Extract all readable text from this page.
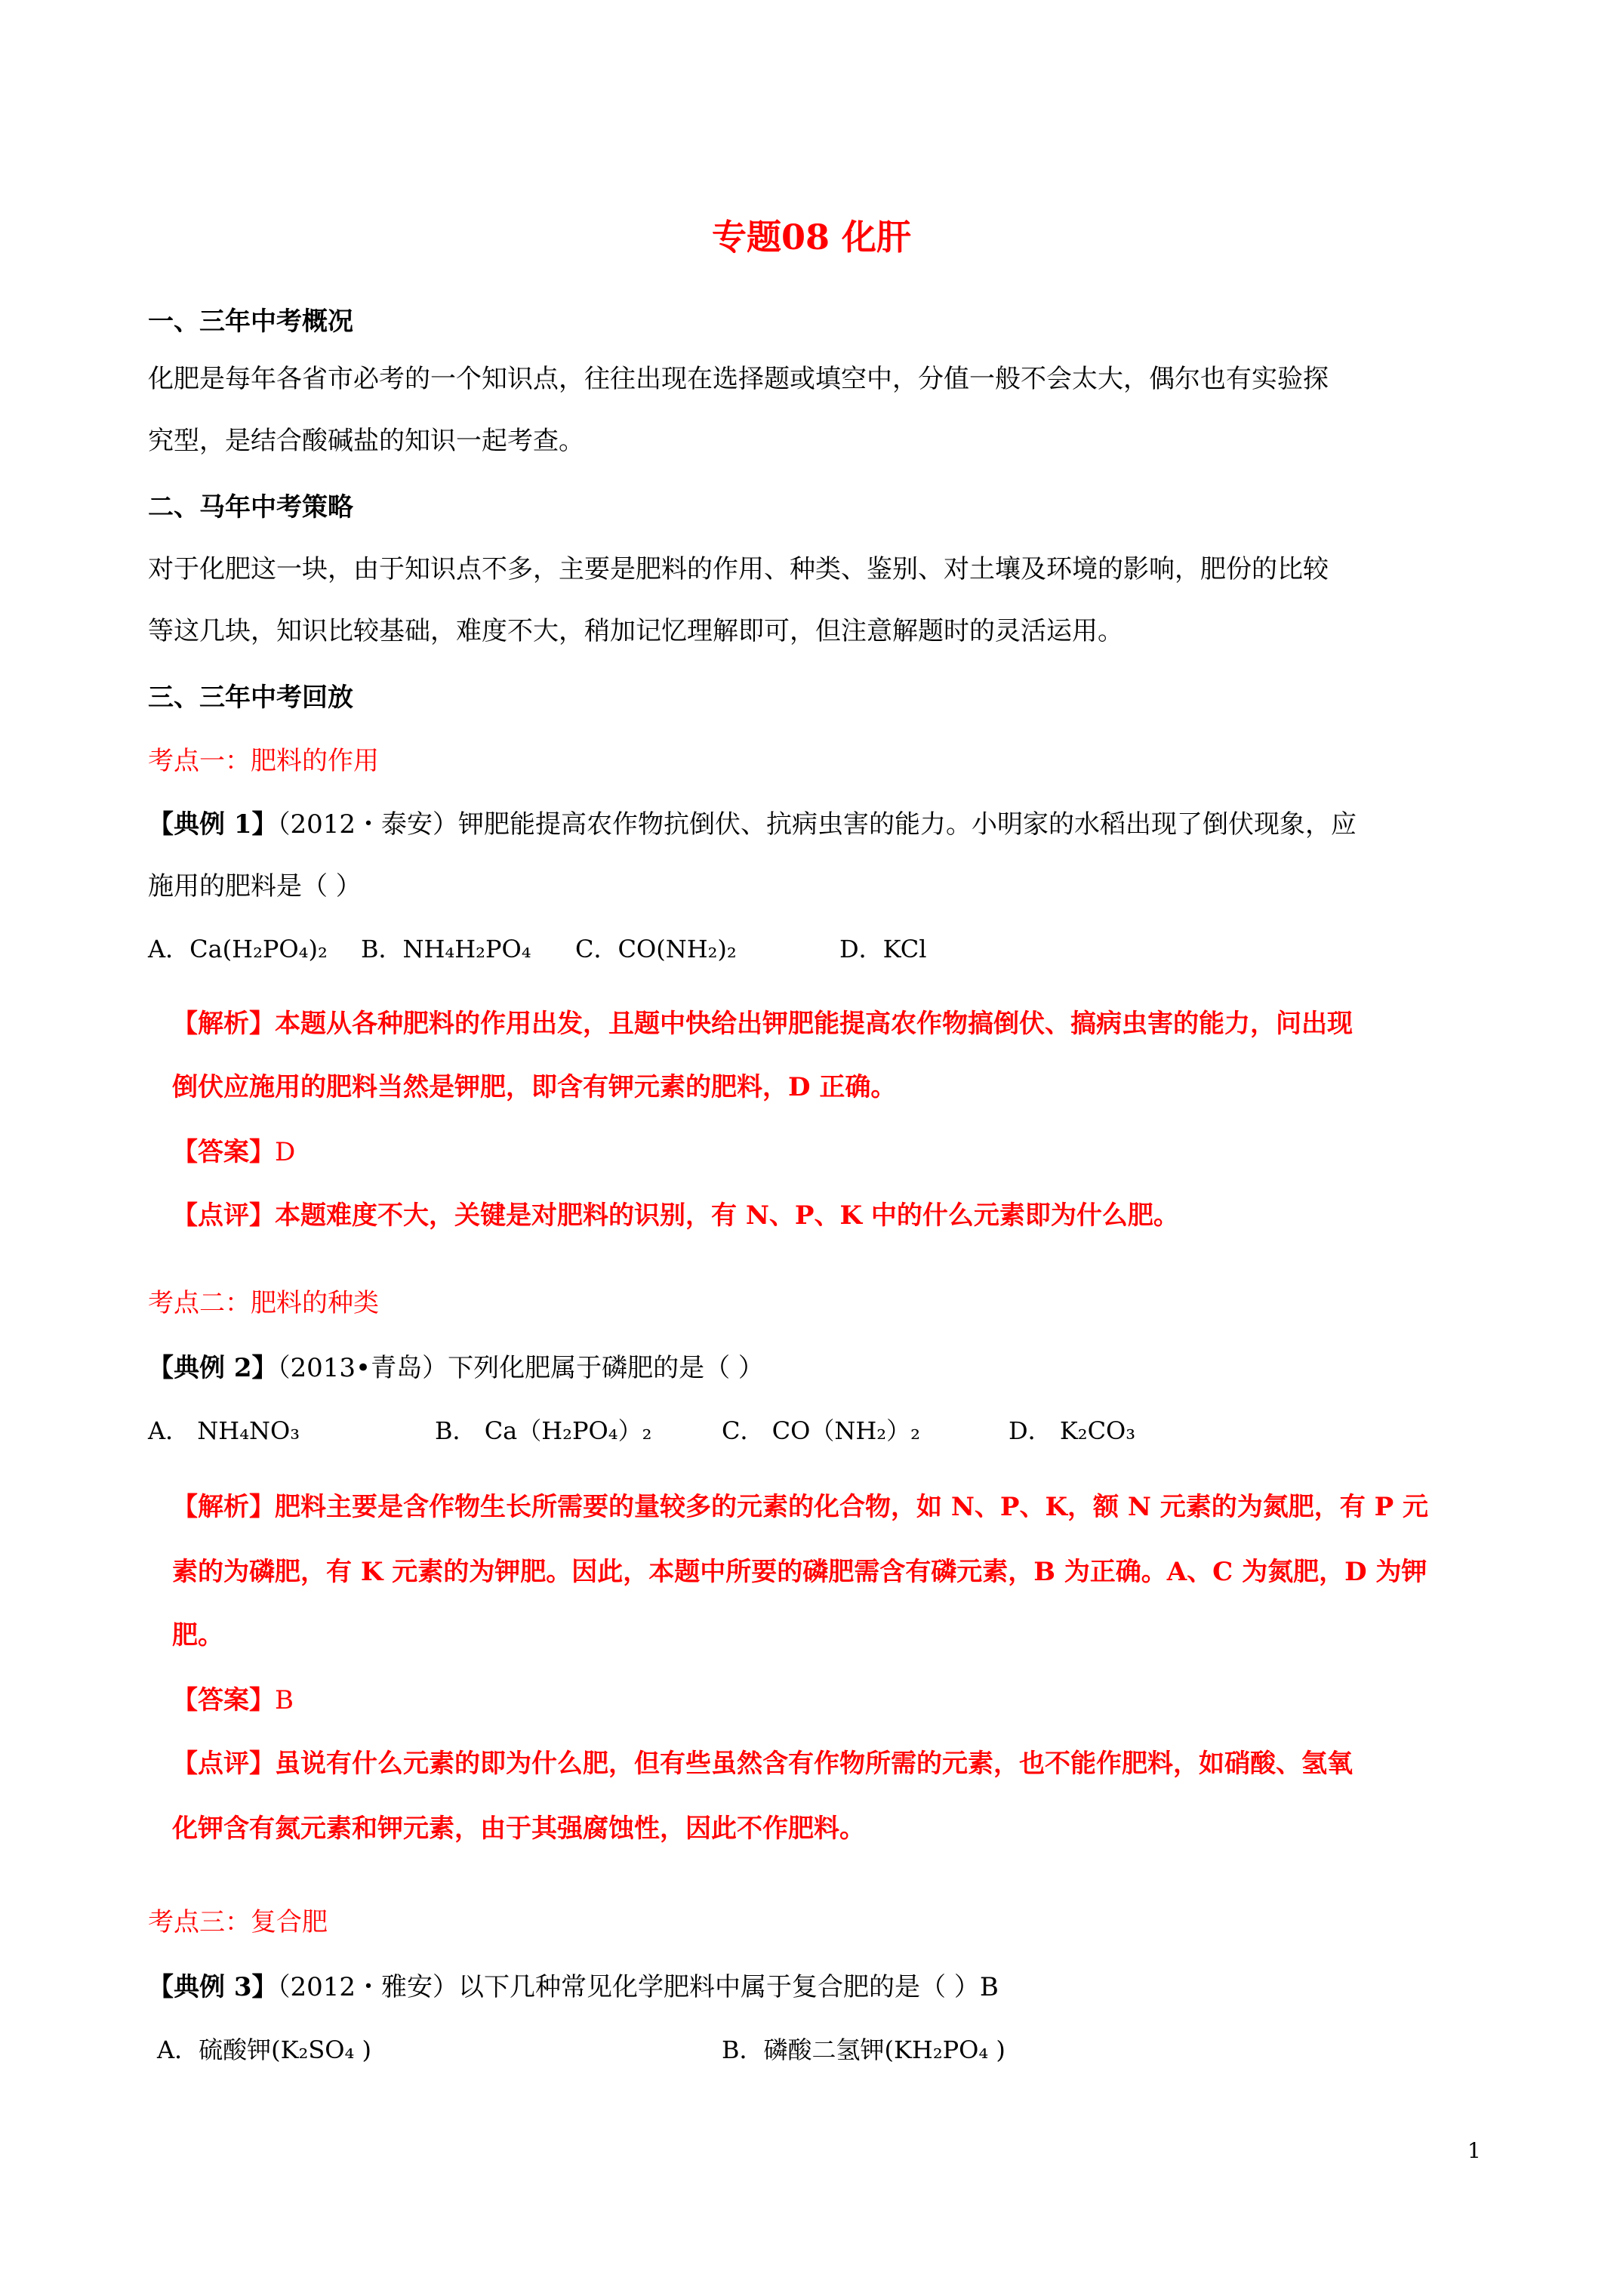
专题08 化肝

一、三年中考概况

化肥是每年各省市必考的一个知识点，往往出现在选择题或填空中，分值一般不会太大，偶尔也有实验探

究型，是结合酸碱盐的知识一起考查。

二、马年中考策略

对于化肥这一块，由于知识点不多，主要是肥料的作用、种类、鉴别、对土壤及环境的影响，肥份的比较

等这几块，知识比较基础，难度不大，稍加记忆理解即可，但注意解题时的灵活运用。

三、三年中考回放

考点一：肥料的作用

【典例 1】（2012・泰安）钾肥能提高农作物抗倒伏、抗病虫害的能力。小明家的水稻出现了倒伏现象，应

施用的肥料是（ ）

A．Ca(H₂PO₄)₂ B．NH₄H₂PO₄ C．CO(NH₂)₂	D．KCl

【解析】本题从各种肥料的作用出发，且题中快给出钾肥能提高农作物搞倒伏、搞病虫害的能力，问出现

倒伏应施用的肥料当然是钾肥，即含有钾元素的肥料，D 正确。

【答案】D

【点评】本题难度不大，关键是对肥料的识别，有 N、P、K 中的什么元素即为什么肥。

考点二：肥料的种类

【典例 2】（2013•青岛）下列化肥属于磷肥的是（ ）

A． NH₄NO₃	B． Ca（H₂PO₄）₂	C． CO（NH₂）₂	D． K₂CO₃

【解析】肥料主要是含作物生长所需要的量较多的元素的化合物，如 N、P、K，额 N 元素的为氮肥，有 P 元

素的为磷肥，有 K 元素的为钾肥。因此，本题中所要的磷肥需含有磷元素，B 为正确。A、C 为氮肥，D 为钾

肥。

【答案】B

【点评】虽说有什么元素的即为什么肥，但有些虽然含有作物所需的元素，也不能作肥料，如硝酸、氢氧

化钾含有氮元素和钾元素，由于其强腐蚀性，因此不作肥料。

考点三：复合肥

【典例 3】（2012・雅安）以下几种常见化学肥料中属于复合肥的是（ ）B

A．硫酸钾(K₂SO₄ )	B．磷酸二氢钾(KH₂PO₄ )

1
